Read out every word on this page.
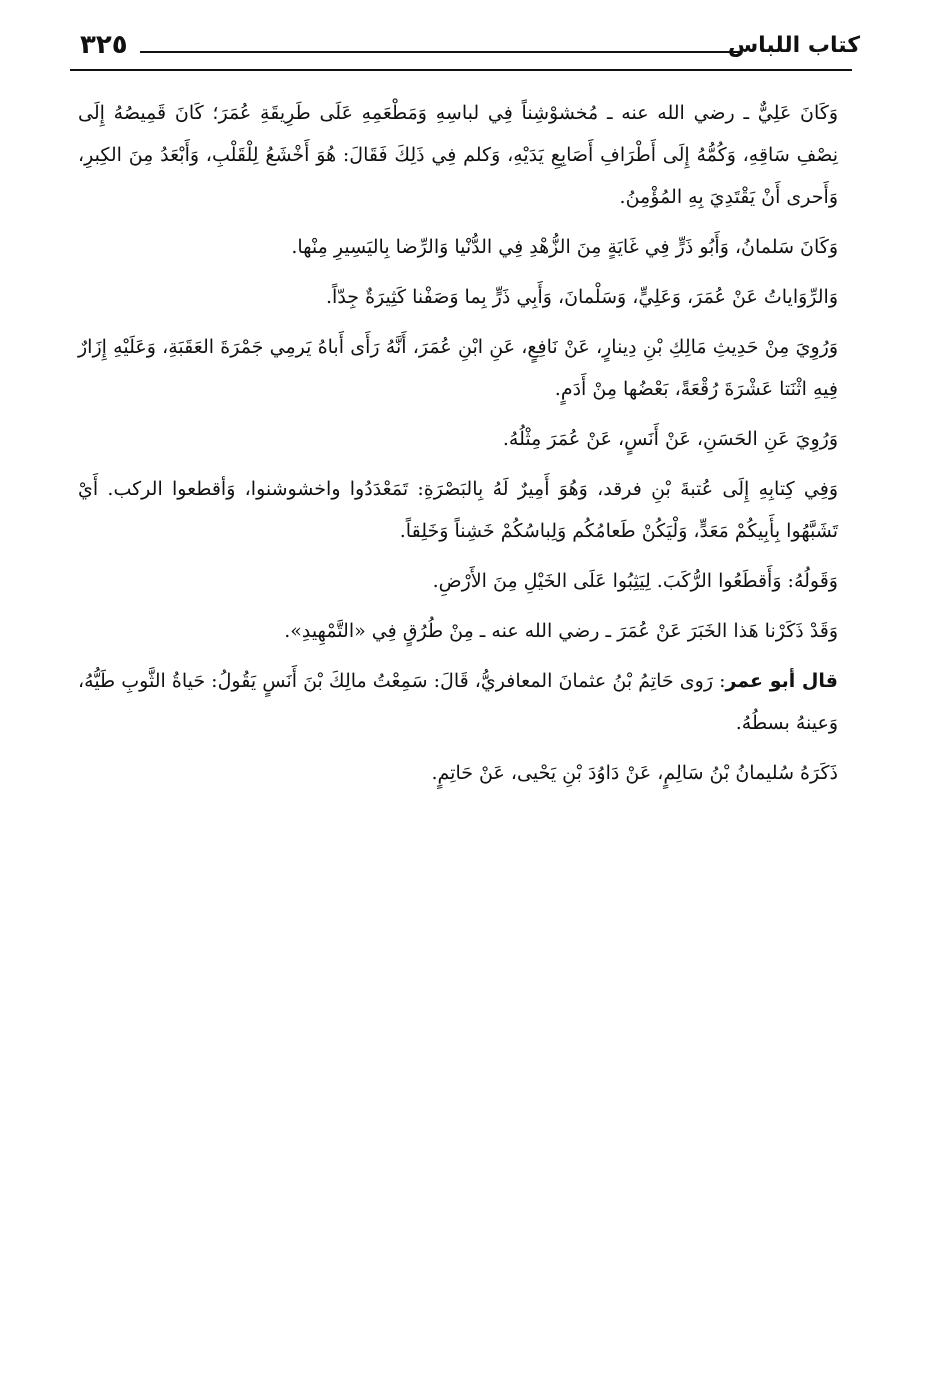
٣٢٥	كتاب اللباس

وَكَانَ عَلِيٌّ ـ رضي الله عنه ـ مُخشوْشِناً فِي لباسِهِ وَمَطْعَمِهِ عَلَى طَرِيقَةِ عُمَرَ؛ كَانَ قَمِيصُهُ إِلَى نِصْفِ سَاقِهِ، وَكُمُّهُ إِلَى أَطْرَافِ أَصَابِعِ يَدَيْهِ، وَكلم فِي ذَلِكَ فَقَالَ: هُوَ أَخْشَعُ لِلْقَلْبِ، وَأَبْعَدُ مِنَ الكِبرِ، وَأَحرى أَنْ يَقْتَدِيَ بِهِ المُؤْمِنُ.

وَكَانَ سَلمانُ، وَأَبُو ذَرٍّ فِي غَايَةٍ مِنَ الزُّهْدِ فِي الدُّنْيا وَالرِّضا بِاليَسِيرِ مِنْها.

وَالرِّوَاياتُ عَنْ عُمَرَ، وَعَلِيٍّ، وَسَلْمانَ، وَأَبِي ذَرٍّ بِما وَصَفْنا كَثِيرَةٌ جِدّاً.

وَرُوِيَ مِنْ حَدِيثِ مَالِكِ بْنِ دِينارٍ، عَنْ نَافِعٍ، عَنِ ابْنِ عُمَرَ، أَنَّهُ رَأَى أَباهُ يَرمِي جَمْرَةَ العَقَبَةِ، وَعَلَيْهِ إِزَارٌ فِيهِ اثْنَتا عَشْرَةَ رُقْعَةً، بَعْضُها مِنْ أَدَمٍ.

وَرُوِيَ عَنِ الحَسَنِ، عَنْ أَنَسٍ، عَنْ عُمَرَ مِثْلُهُ.

وَفِي كِتابِهِ إِلَى عُتبةَ بْنِ فرقد، وَهُوَ أَمِيرٌ لَهُ بِالبَصْرَةِ: تَمَعْدَدُوا واخشوشنوا، وَأقطعوا الركب. أَيْ تَشَبَّهُوا بِأَبِيكُمْ مَعَدٍّ، وَلْيَكُنْ طَعامُكُم وَلِباسُكُمْ خَشِناً وَخَلِقاً.

وَقَولُهُ: وَأَقطَعُوا الرُّكَبَ. لِيَثِبُوا عَلَى الخَيْلِ مِنَ الأَرْضِ.

وَقَدْ ذَكَرْنا هَذا الخَبَرَ عَنْ عُمَرَ ـ رضي الله عنه ـ مِنْ طُرُقٍ فِي «التَّمْهِيدِ».

قال أبو عمر: رَوى حَاتِمُ بْنُ عثمانَ المعافريُّ، قَالَ: سَمِعْتُ مالِكَ بْنَ أَنَسٍ يَقُولُ: حَياةُ الثَّوبِ طَيُّهُ، وَعينهُ بسطُهُ.

ذَكَرَهُ سُليمانُ بْنُ سَالِمٍ، عَنْ دَاوُدَ بْنِ يَحْيى، عَنْ حَاتِمٍ.
